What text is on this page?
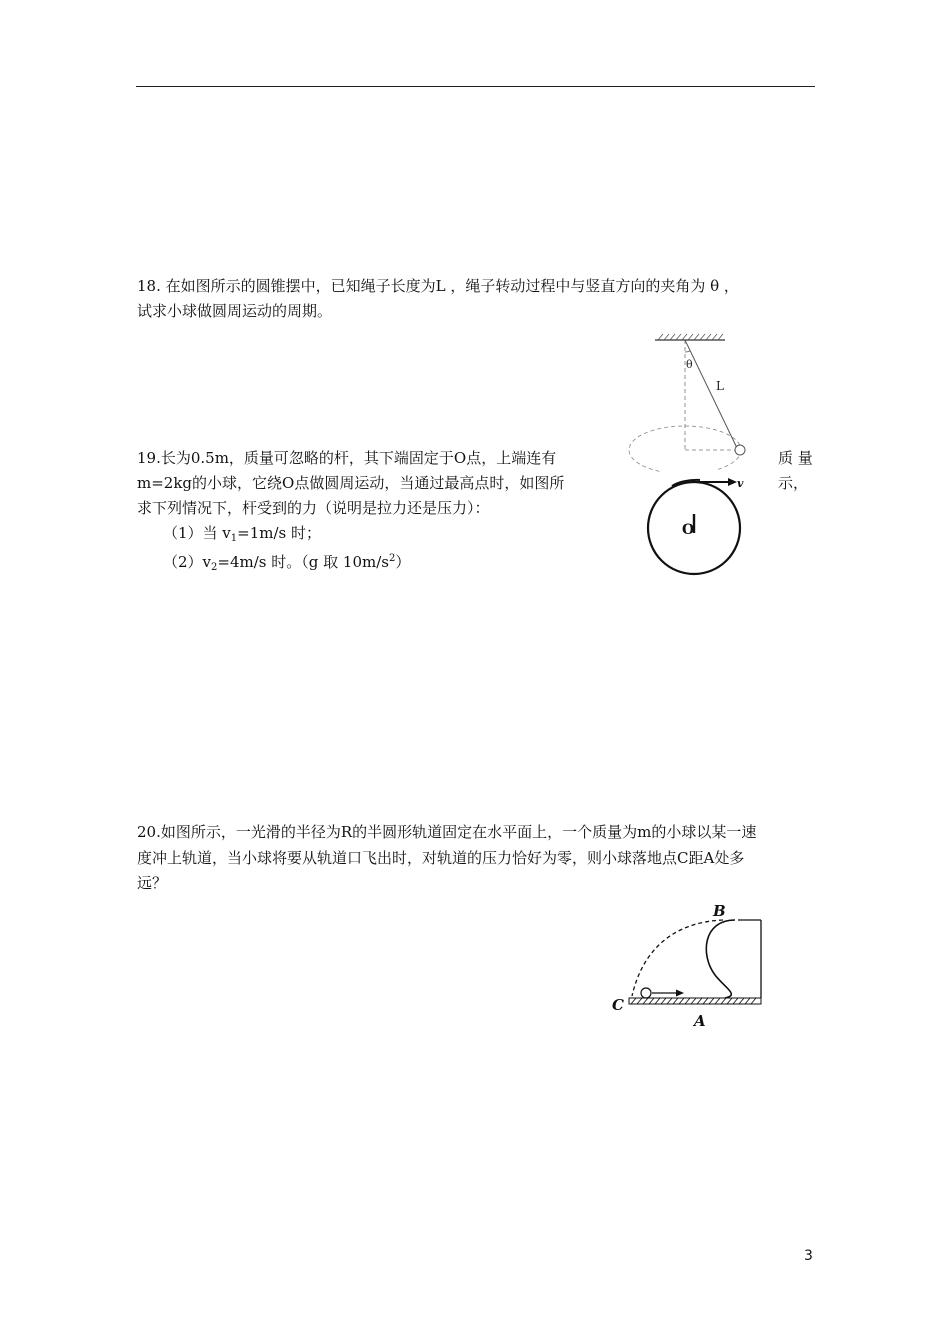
18. 在如图所示的圆锥摆中，已知绳子长度为L ，绳子转动过程中与竖直方向的夹角为 θ ，
试求小球做圆周运动的周期。
θ
L
19.长为0.5m，质量可忽略的杆，其下端固定于O点，上端连有	质 量
m=2kg的小球，它绕O点做圆周运动，当通过最高点时，如图所	示，
求下列情况下，杆受到的力（说明是拉力还是压力）：
（1）当 $v_1=1m/s$ 时；
$(2)v_2=4m/s$ 时。（g 取 $10m/s^2$）
v
O
20.如图所示，一光滑的半径为R的半圆形轨道固定在水平面上，一个质量为m的小球以某一速
度冲上轨道，当小球将要从轨道口飞出时，对轨道的压力恰好为零，则小球落地点C距A处多
远？
B
C
A
3
